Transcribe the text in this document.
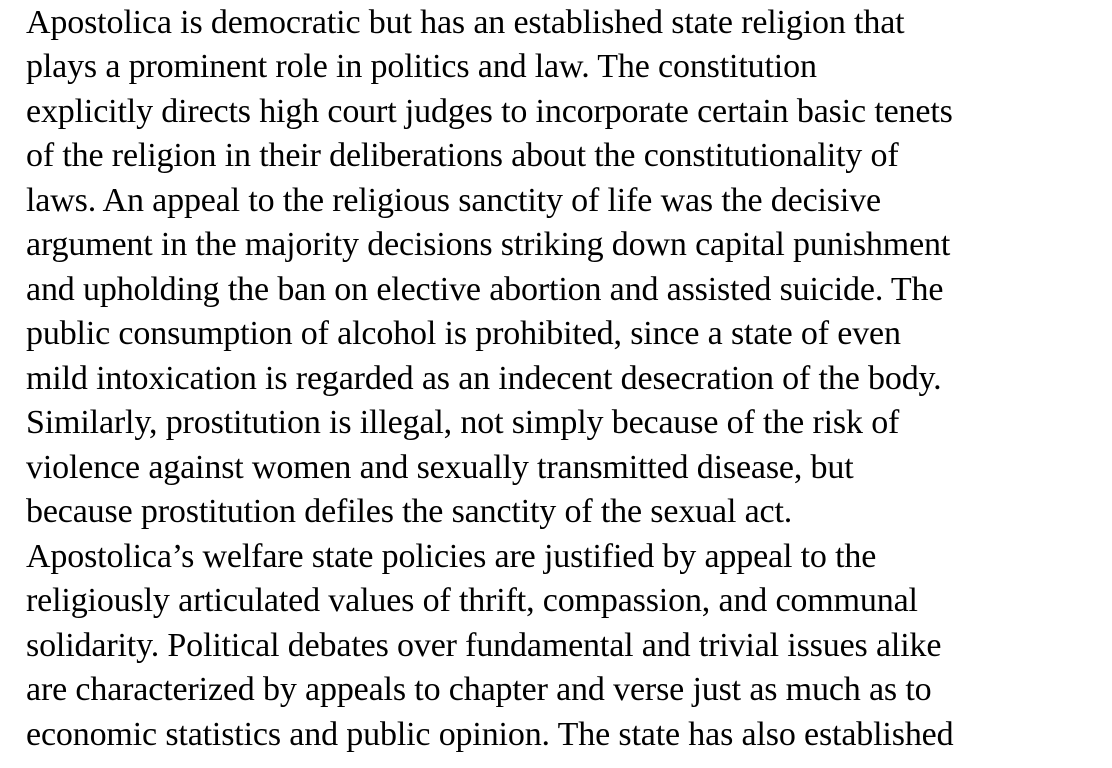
Apostolica is democratic but has an established state religion that
plays a prominent role in politics and law. The constitution
explicitly directs high court judges to incorporate certain basic tenets
of the religion in their deliberations about the constitutionality of
laws. An appeal to the religious sanctity of life was the decisive
argument in the majority decisions striking down capital punishment
and upholding the ban on elective abortion and assisted suicide. The
public consumption of alcohol is prohibited, since a state of even
mild intoxication is regarded as an indecent desecration of the body.
Similarly, prostitution is illegal, not simply because of the risk of
violence against women and sexually transmitted disease, but
because prostitution defiles the sanctity of the sexual act.
Apostolica’s welfare state policies are justified by appeal to the
religiously articulated values of thrift, compassion, and communal
solidarity. Political debates over fundamental and trivial issues alike
are characterized by appeals to chapter and verse just as much as to
economic statistics and public opinion. The state has also established
